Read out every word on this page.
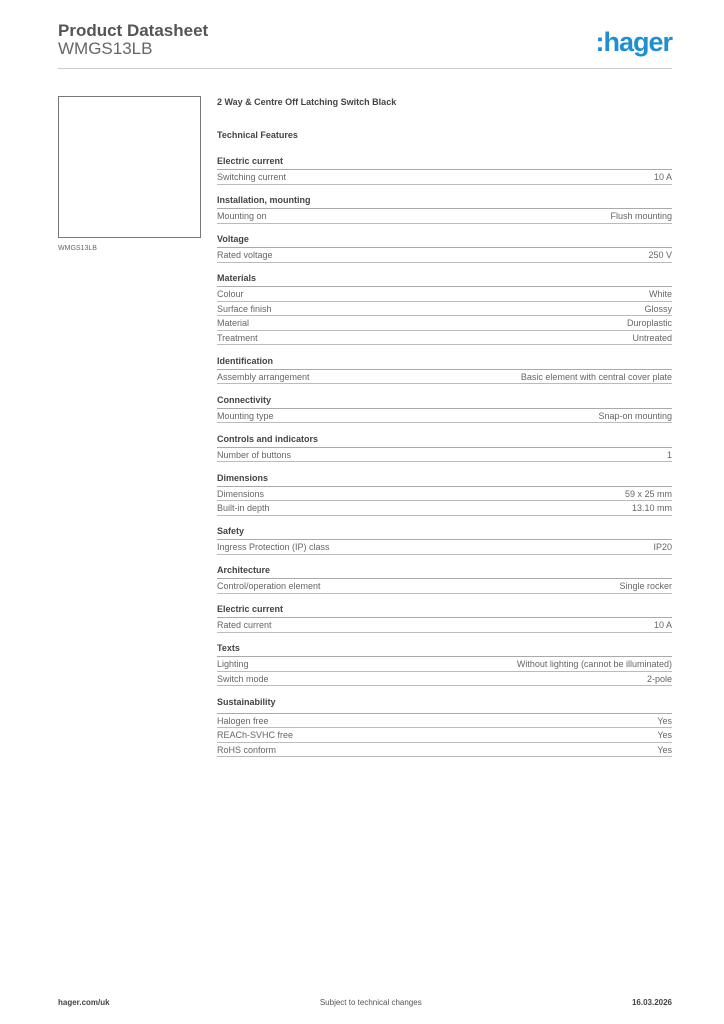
Product Datasheet
WMGS13LB	:hager
WMGS13LB
2 Way & Centre Off Latching Switch Black
Technical Features
Electric current
Switching current	10 A
Installation, mounting
Mounting on	Flush mounting
Voltage
Rated voltage	250 V
Materials
Colour	White
Surface finish	Glossy
Material	Duroplastic
Treatment	Untreated
Identification
Assembly arrangement	Basic element with central cover plate
Connectivity
Mounting type	Snap-on mounting
Controls and indicators
Number of buttons	1
Dimensions
Dimensions	59 x 25 mm
Built-in depth	13.10 mm
Safety
Ingress Protection (IP) class	IP20
Architecture
Control/operation element	Single rocker
Electric current
Rated current	10 A
Texts
Lighting	Without lighting (cannot be illuminated)
Switch mode	2-pole
Sustainability
Halogen free	Yes
REACh-SVHC free	Yes
RoHS conform	Yes
hager.com/uk	Subject to technical changes	16.03.2026
